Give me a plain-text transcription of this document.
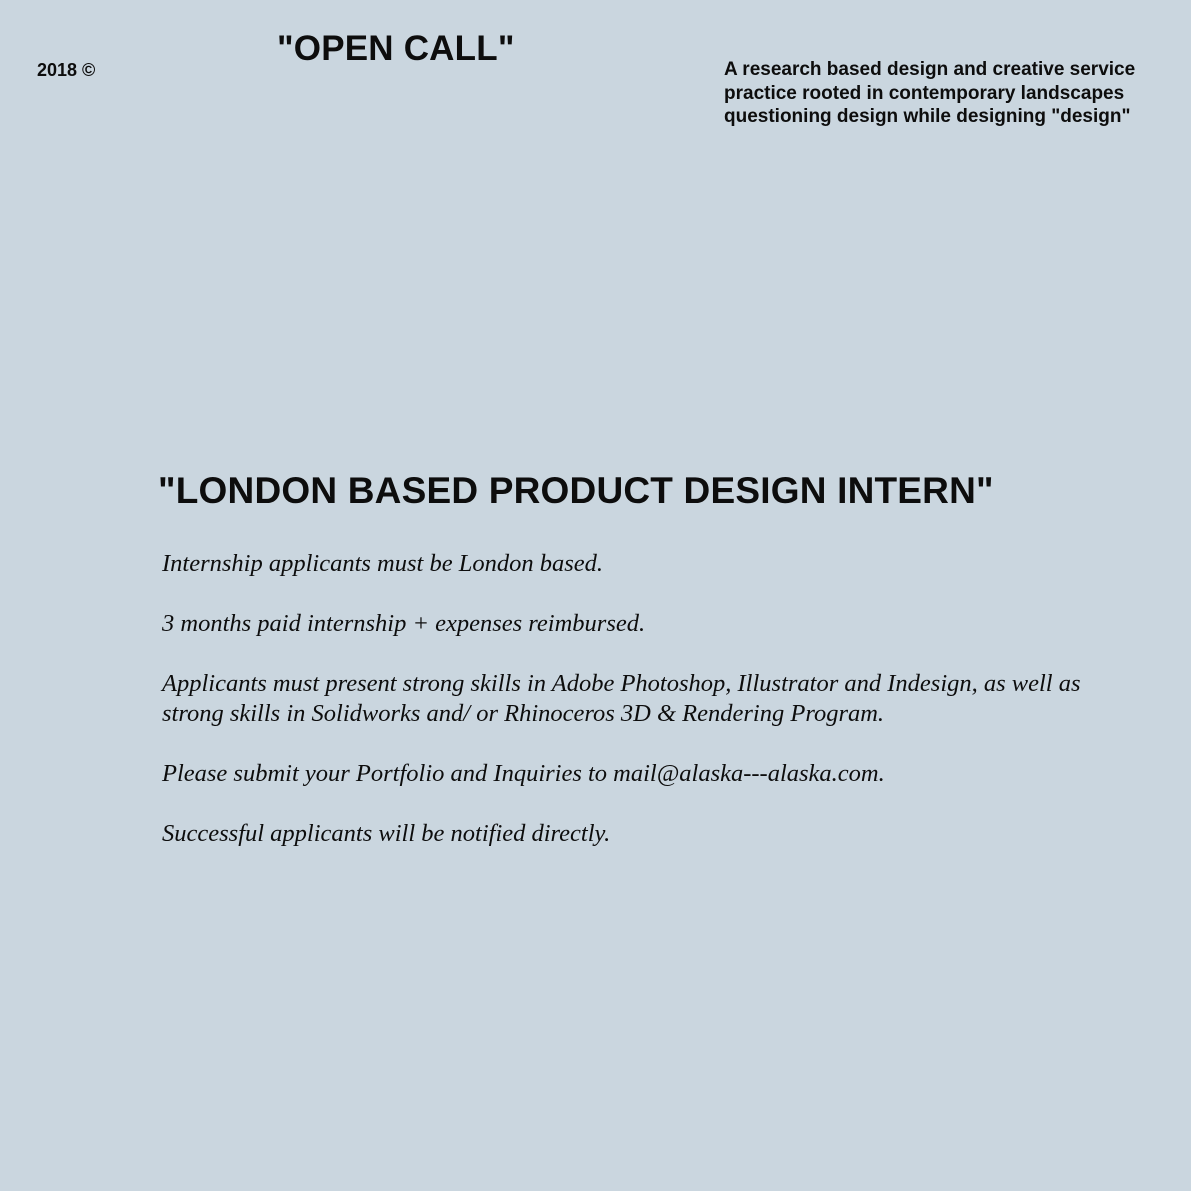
2018 ©
"OPEN CALL"
A research based design and creative service
practice rooted in contemporary landscapes
questioning design while designing "design"
"LONDON BASED PRODUCT DESIGN INTERN"

Internship applicants must be London based.

3 months paid internship + expenses reimbursed.

Applicants must present strong skills in Adobe Photoshop, Illustrator and Indesign, as well as
strong skills in Solidworks and/ or Rhinoceros 3D & Rendering Program.

Please submit your Portfolio and Inquiries to mail@alaska---alaska.com.

Successful applicants will be notified directly.
